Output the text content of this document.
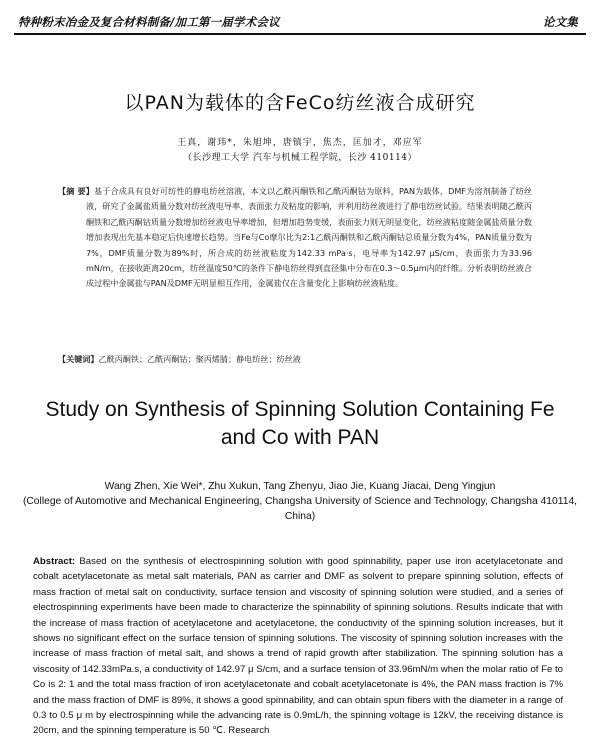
特种粉末冶金及复合材料制备/加工第一届学术会议	论文集
以PAN为载体的含FeCo纺丝液合成研究
王真，谢玮*，朱旭坤，唐镇宇，焦杰，匡加才，邓应军
（长沙理工大学 汽车与机械工程学院，长沙 410114）
【摘 要】基于合成具有良好可纺性的静电纺丝溶液，本文以乙酰丙酮铁和乙酰丙酮钴为原料，PAN为载体，DMF为溶剂制备了纺丝液，研究了金属盐质量分数对纺丝液电导率、表面张力及粘度的影响，并利用纺丝液进行了静电纺丝试验。结果表明随乙酰丙酮铁和乙酰丙酮钴质量分数增加纺丝液电导率增加，但增加趋势变缓，表面张力则无明显变化，纺丝液粘度随金属盐质量分数增加表现出先基本稳定后快速增长趋势。当Fe与Co摩尔比为2:1乙酰丙酮铁和乙酰丙酮钴总质量分数为4%，PAN质量分数为7%，DMF质量分数为89%时，所合成的纺丝液粘度为142.33 mPa·s，电导率为142.97 μS/cm，表面张力为33.96 mN/m，在接收距离20cm，纺丝温度50℃的条件下静电纺丝得到直径集中分布在0.3～0.5μm内的纤维。分析表明纺丝液合成过程中金属盐与PAN及DMF无明显相互作用，金属盐仅在含量变化上影响纺丝液粘度。
【关键词】乙酰丙酮铁；乙酰丙酮钴；聚丙烯腈；静电纺丝；纺丝液
Study on Synthesis of Spinning Solution Containing Fe
and Co with PAN
Wang Zhen, Xie Wei*, Zhu Xukun, Tang Zhenyu, Jiao Jie, Kuang Jiacai, Deng Yingjun
(College of Automotive and Mechanical Engineering, Changsha University of Science and Technology, Changsha 410114, China)
Abstract: Based on the synthesis of electrospinning solution with good spinnability, paper use iron acetylacetonate and cobalt acetylacetonate as metal salt materials, PAN as carrier and DMF as solvent to prepare spinning solution, effects of mass fraction of metal salt on conductivity, surface tension and viscosity of spinning solution were studied, and a series of electrospinning experiments have been made to characterize the spinnability of spinning solutions. Results indicate that with the increase of mass fraction of acetylacetone and acetylacetone, the conductivity of the spinning solution increases, but it shows no significant effect on the surface tension of spinning solutions. The viscosity of spinning solution increases with the increase of mass fraction of metal salt, and shows a trend of rapid growth after stabilization. The spinning solution has a viscosity of 142.33mPa.s, a conductivity of 142.97 μ S/cm, and a surface tension of 33.96mN/m when the molar ratio of Fe to Co is 2: 1 and the total mass fraction of iron acetylacetonate and cobalt acetylacetonate is 4%, the PAN mass fraction is 7% and the mass fraction of DMF is 89%, it shows a good spinnability, and can obtain spun fibers with the diameter in a range of 0.3 to 0.5 μ m by electrospinning while the advancing rate is 0.9mL/h, the spinning voltage is 12kV, the receiving distance is 20cm, and the spinning temperature is 50 ℃. Research
